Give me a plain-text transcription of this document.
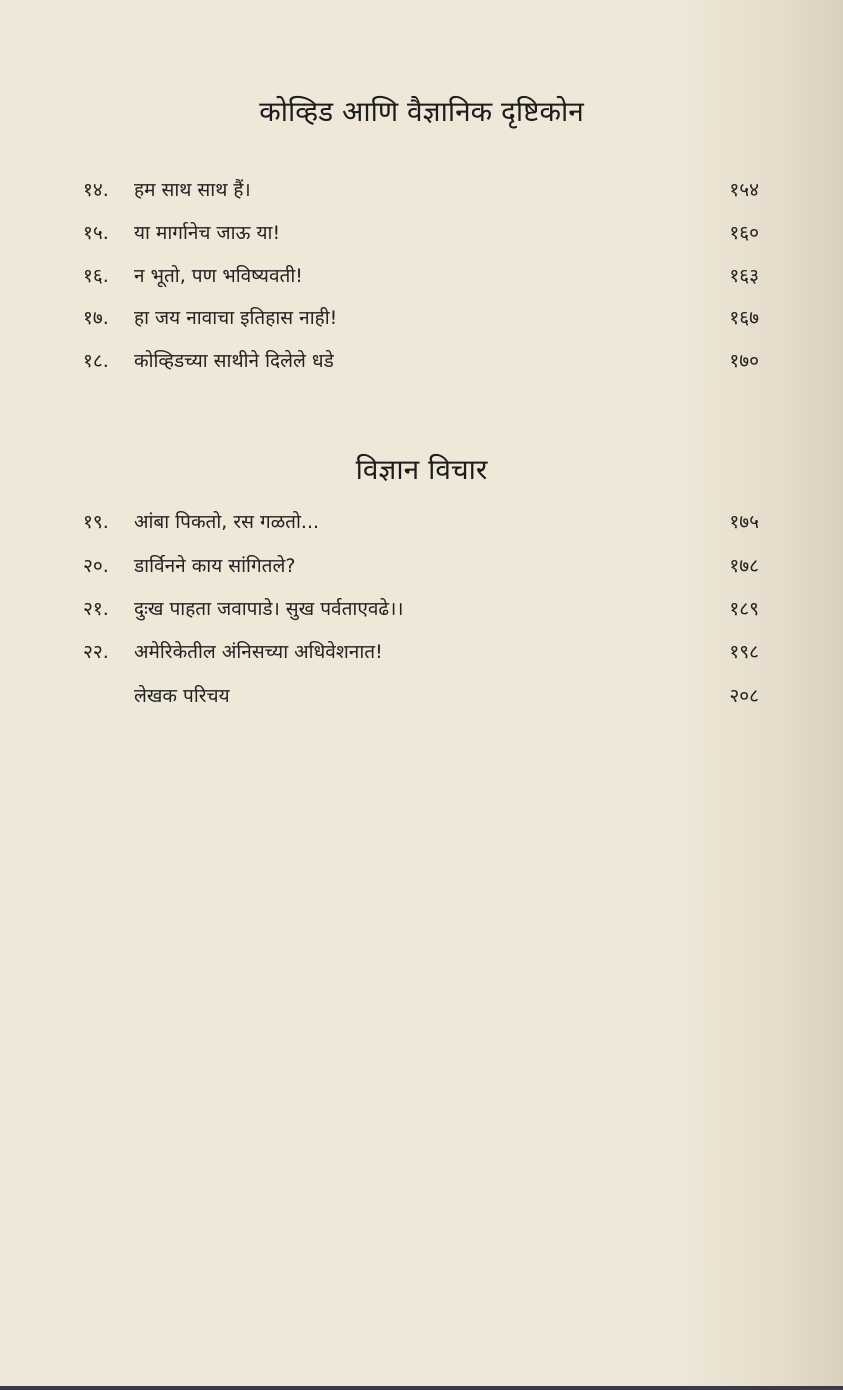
कोव्हिड आणि वैज्ञानिक दृष्टिकोन
१४. हम साथ साथ हैं।	१५४
१५. या मार्गानेच जाऊ या!	१६०
१६. न भूतो, पण भविष्यवती!	१६३
१७. हा जय नावाचा इतिहास नाही!	१६७
१८. कोव्हिडच्या साथीने दिलेले धडे	१७०
विज्ञान विचार
१९. आंबा पिकतो, रस गळतो...	१७५
२०. डार्विनने काय सांगितले?	१७८
२१. दुःख पाहता जवापाडे। सुख पर्वताएवढे।।	१८९
२२. अमेरिकेतील अंनिसच्या अधिवेशनात!	१९८
लेखक परिचय	२०८
